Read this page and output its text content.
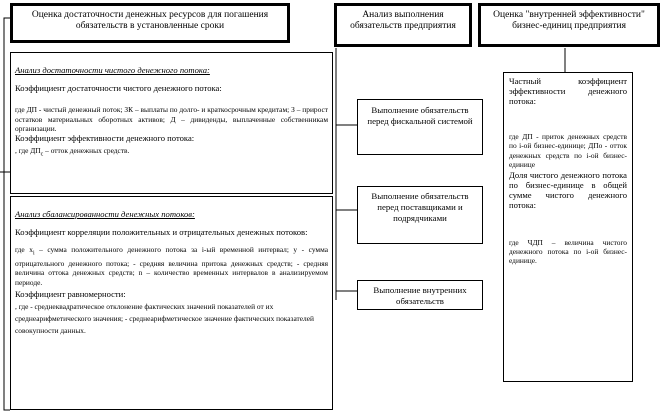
Оценка достаточности денежных ресурсов для погашения обязательств в установленные сроки
Анализ выполнения обязательств предприятия
Оценка "внутренней эффективности" бизнес-единиц предприятия

Анализ достаточности чистого денежного потока:

Коэффициент достаточности чистого денежного потока:

где ДП - чистый денежный поток; ЗК – выплаты по долго- и краткосрочным кредитам; З – прирост остатков материальных оборотных активов; Д – дивиденды, выплаченные собственникам организации.

Коэффициент эффективности денежного потока:

, где $ДП_с$ – отток денежных средств.

Анализ сбалансированности денежных потоков:

Коэффициент корреляции положительных и отрицательных денежных потоков:

где $x_i$ – сумма положительного денежного потока за i-ый временной интервал; y - сумма отрицательного денежного потока; - средняя величина притока денежных средств; - средняя величина оттока денежных средств; n – количество временных интервалов в анализируемом периоде.

Коэффициент равномерности:

, где - среднеквадратическое отклонение фактических значений показателей от их среднеарифметического значения; - среднеарифметическое значение фактических показателей совокупности данных.

Выполнение обязательств перед фискальной системой
Выполнение обязательств перед поставщиками и подрядчиками
Выполнение внутренних обязательств

Частный коэффициент эффективности денежного потока:

где ДП - приток денежных средств по i-ой бизнес-единице; ДПо - отток денежных средств по i-ой бизнес-единице

Доля чистого денежного потока по бизнес-единице в общей сумме чистого денежного потока:

где ЧДП – величина чистого денежного потока по i-ой бизнес-единице.
